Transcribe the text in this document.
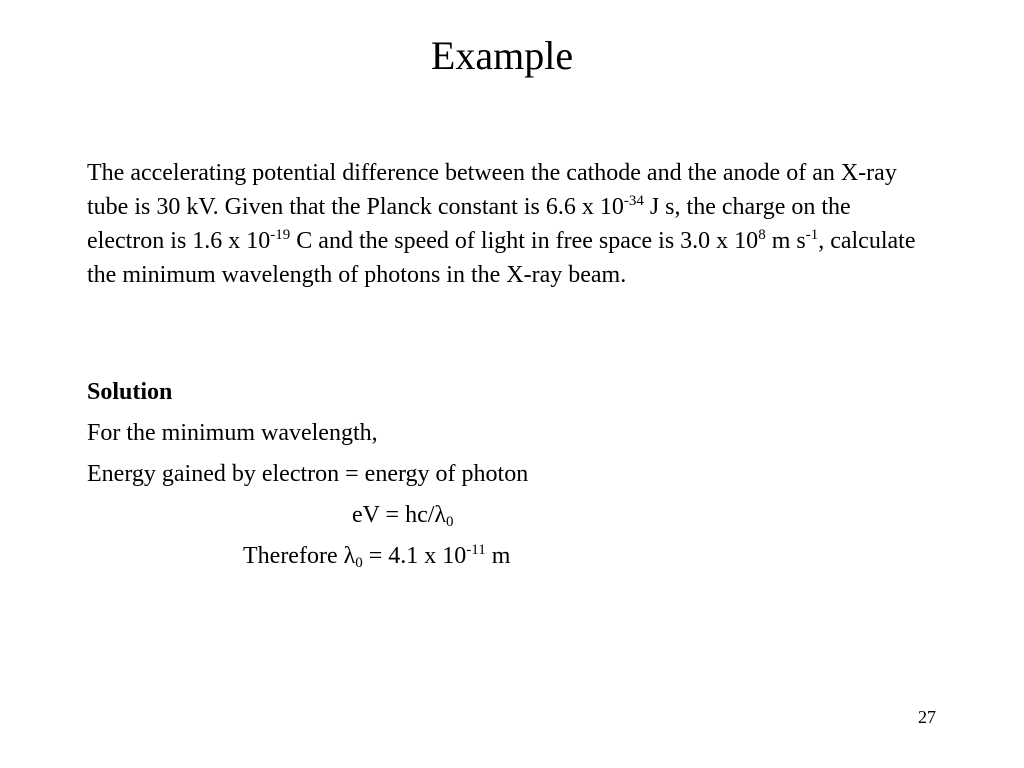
Example

The accelerating potential difference between the cathode and the anode of an X-ray tube is 30 kV. Given that the Planck constant is 6.6 x $10^{-34}$ J s, the charge on the electron is 1.6 x $10^{-19}$ C and the speed of light in free space is 3.0 x $10^8$ m $s^{-1}$, calculate the minimum wavelength of photons in the X-ray beam.

Solution
For the minimum wavelength,
Energy gained by electron = energy of photon
eV = $hc/\lambda_0$
Therefore $\lambda_0 = 4.1$ x $10^{-11}$ m
27
